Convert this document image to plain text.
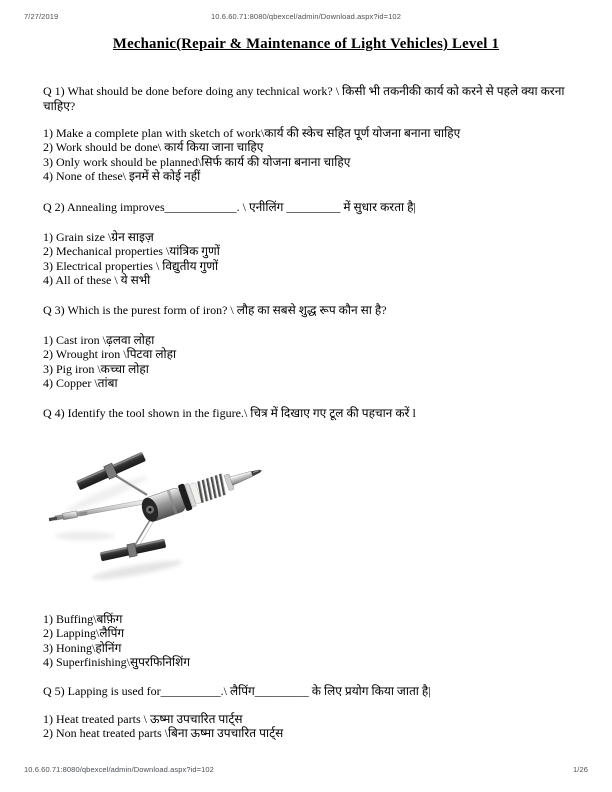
7/27/2019	10.6.60.71:8080/qbexcel/admin/Download.aspx?id=102
Mechanic(Repair & Maintenance of Light Vehicles) Level 1
Q 1) What should be done before doing any technical work? \ किसी भी तकनीकी कार्य को करने से पहले क्या करना चाहिए?
1) Make a complete plan with sketch of work\कार्य की स्केच सहित पूर्ण योजना बनाना चाहिए
2) Work should be done\ कार्य किया जाना चाहिए
3) Only work should be planned\सिर्फ कार्य की योजना बनाना चाहिए
4) None of these\ इनमें से कोई नहीं
Q 2) Annealing improves____________. \ एनीलिंग _________ में सुधार करता है|
1) Grain size \ग्रेन साइज़
2) Mechanical properties \यांत्रिक गुणों
3) Electrical properties \ विद्युतीय गुणों
4) All of these \ ये सभी
Q 3) Which is the purest form of iron? \ लौह का सबसे शुद्ध रूप कौन सा है?
1) Cast iron \ढ़लवा लोहा
2) Wrought iron \पिटवा लोहा
3) Pig iron \कच्चा लोहा
4) Copper \तांबा
Q 4) Identify the tool shown in the figure.\ चित्र में दिखाए गए टूल की पहचान करें l
1) Buffing\बफ़िंग
2) Lapping\लैपिंग
3) Honing\होनिंग
4) Superfinishing\सुपरफिनिशिंग
Q 5) Lapping is used for__________.\ लैपिंग_________ के लिए प्रयोग किया जाता है|
1) Heat treated parts \ ऊष्मा उपचारित पार्ट्स
2) Non heat treated parts \बिना ऊष्मा उपचारित पार्ट्स
10.6.60.71:8080/qbexcel/admin/Download.aspx?id=102	1/26
